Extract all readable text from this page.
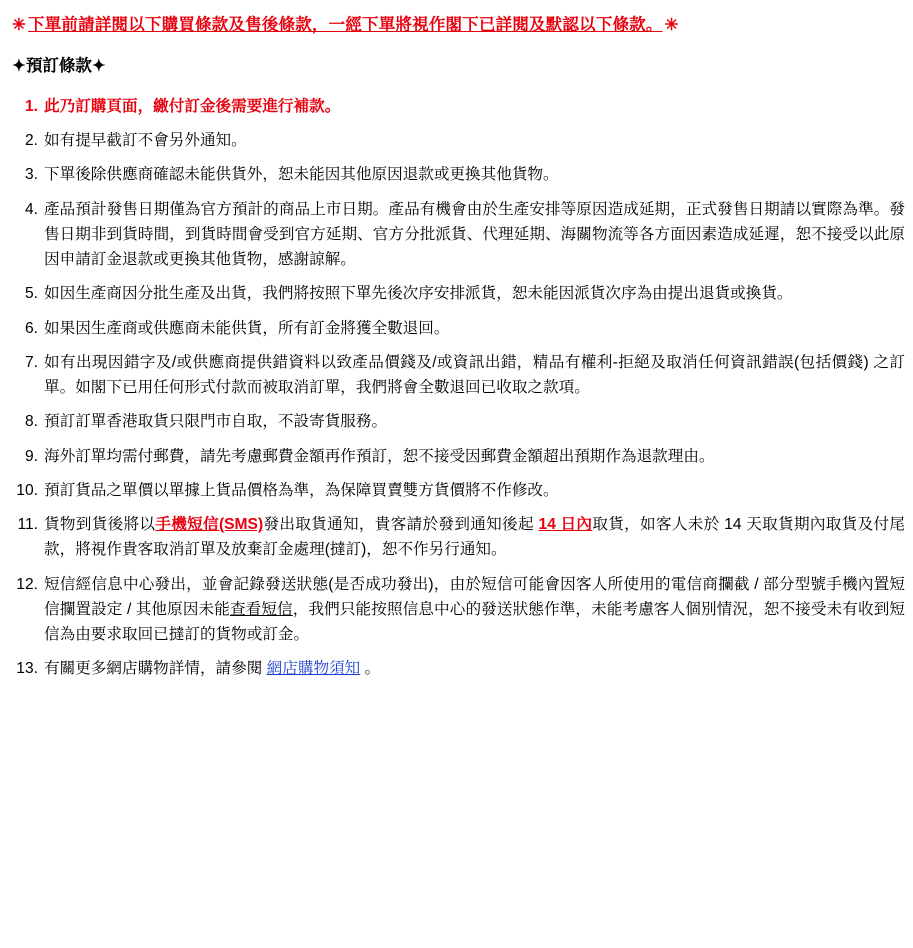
✳ 下單前請詳閱以下購買條款及售後條款，一經下單將視作閣下已詳閱及默認以下條款。 ✳
✦預訂條款✦
此乃訂購頁面，繳付訂金後需要進行補款。
如有提早截訂不會另外通知。
下單後除供應商確認未能供貨外，恕未能因其他原因退款或更換其他貨物。
產品預計發售日期僅為官方預計的商品上市日期。產品有機會由於生產安排等原因造成延期，正式發售日期請以實際為準。發售日期非到貨時間，到貨時間會受到官方延期、官方分批派貨、代理延期、海關物流等各方面因素造成延遲，恕不接受以此原因申請訂金退款或更換其他貨物，感謝諒解。
如因生產商因分批生產及出貨，我們將按照下單先後次序安排派貨，恕未能因派貨次序為由提出退貨或換貨。
如果因生產商或供應商未能供貨，所有訂金將獲全數退回。
如有出現因錯字及/或供應商提供錯資料以致產品價錢及/或資訊出錯，精品有權利-拒絕及取消任何資訊錯誤(包括價錢) 之訂單。如閣下已用任何形式付款而被取消訂單，我們將會全數退回已收取之款項。
預訂訂單香港取貨只限門市自取，不設寄貨服務。
海外訂單均需付郵費，請先考慮郵費金額再作預訂，恕不接受因郵費金額超出預期作為退款理由。
預訂貨品之單價以單據上貨品價格為準，為保障買賣雙方貨價將不作修改。
貨物到貨後將以手機短信(SMS)發出取貨通知，貴客請於發到通知後起 14 日內取貨，如客人未於 14 天取貨期內取貨及付尾款，將視作貴客取消訂單及放棄訂金處理(撻訂)，恕不作另行通知。
短信經信息中心發出，並會記錄發送狀態(是否成功發出)，由於短信可能會因客人所使用的電信商攔截 / 部分型號手機內置短信攔置設定 / 其他原因未能查看短信，我們只能按照信息中心的發送狀態作準，未能考慮客人個別情況，恕不接受未有收到短信為由要求取回已撻訂的貨物或訂金。
有關更多網店購物詳情，請參閱 網店購物須知 。
